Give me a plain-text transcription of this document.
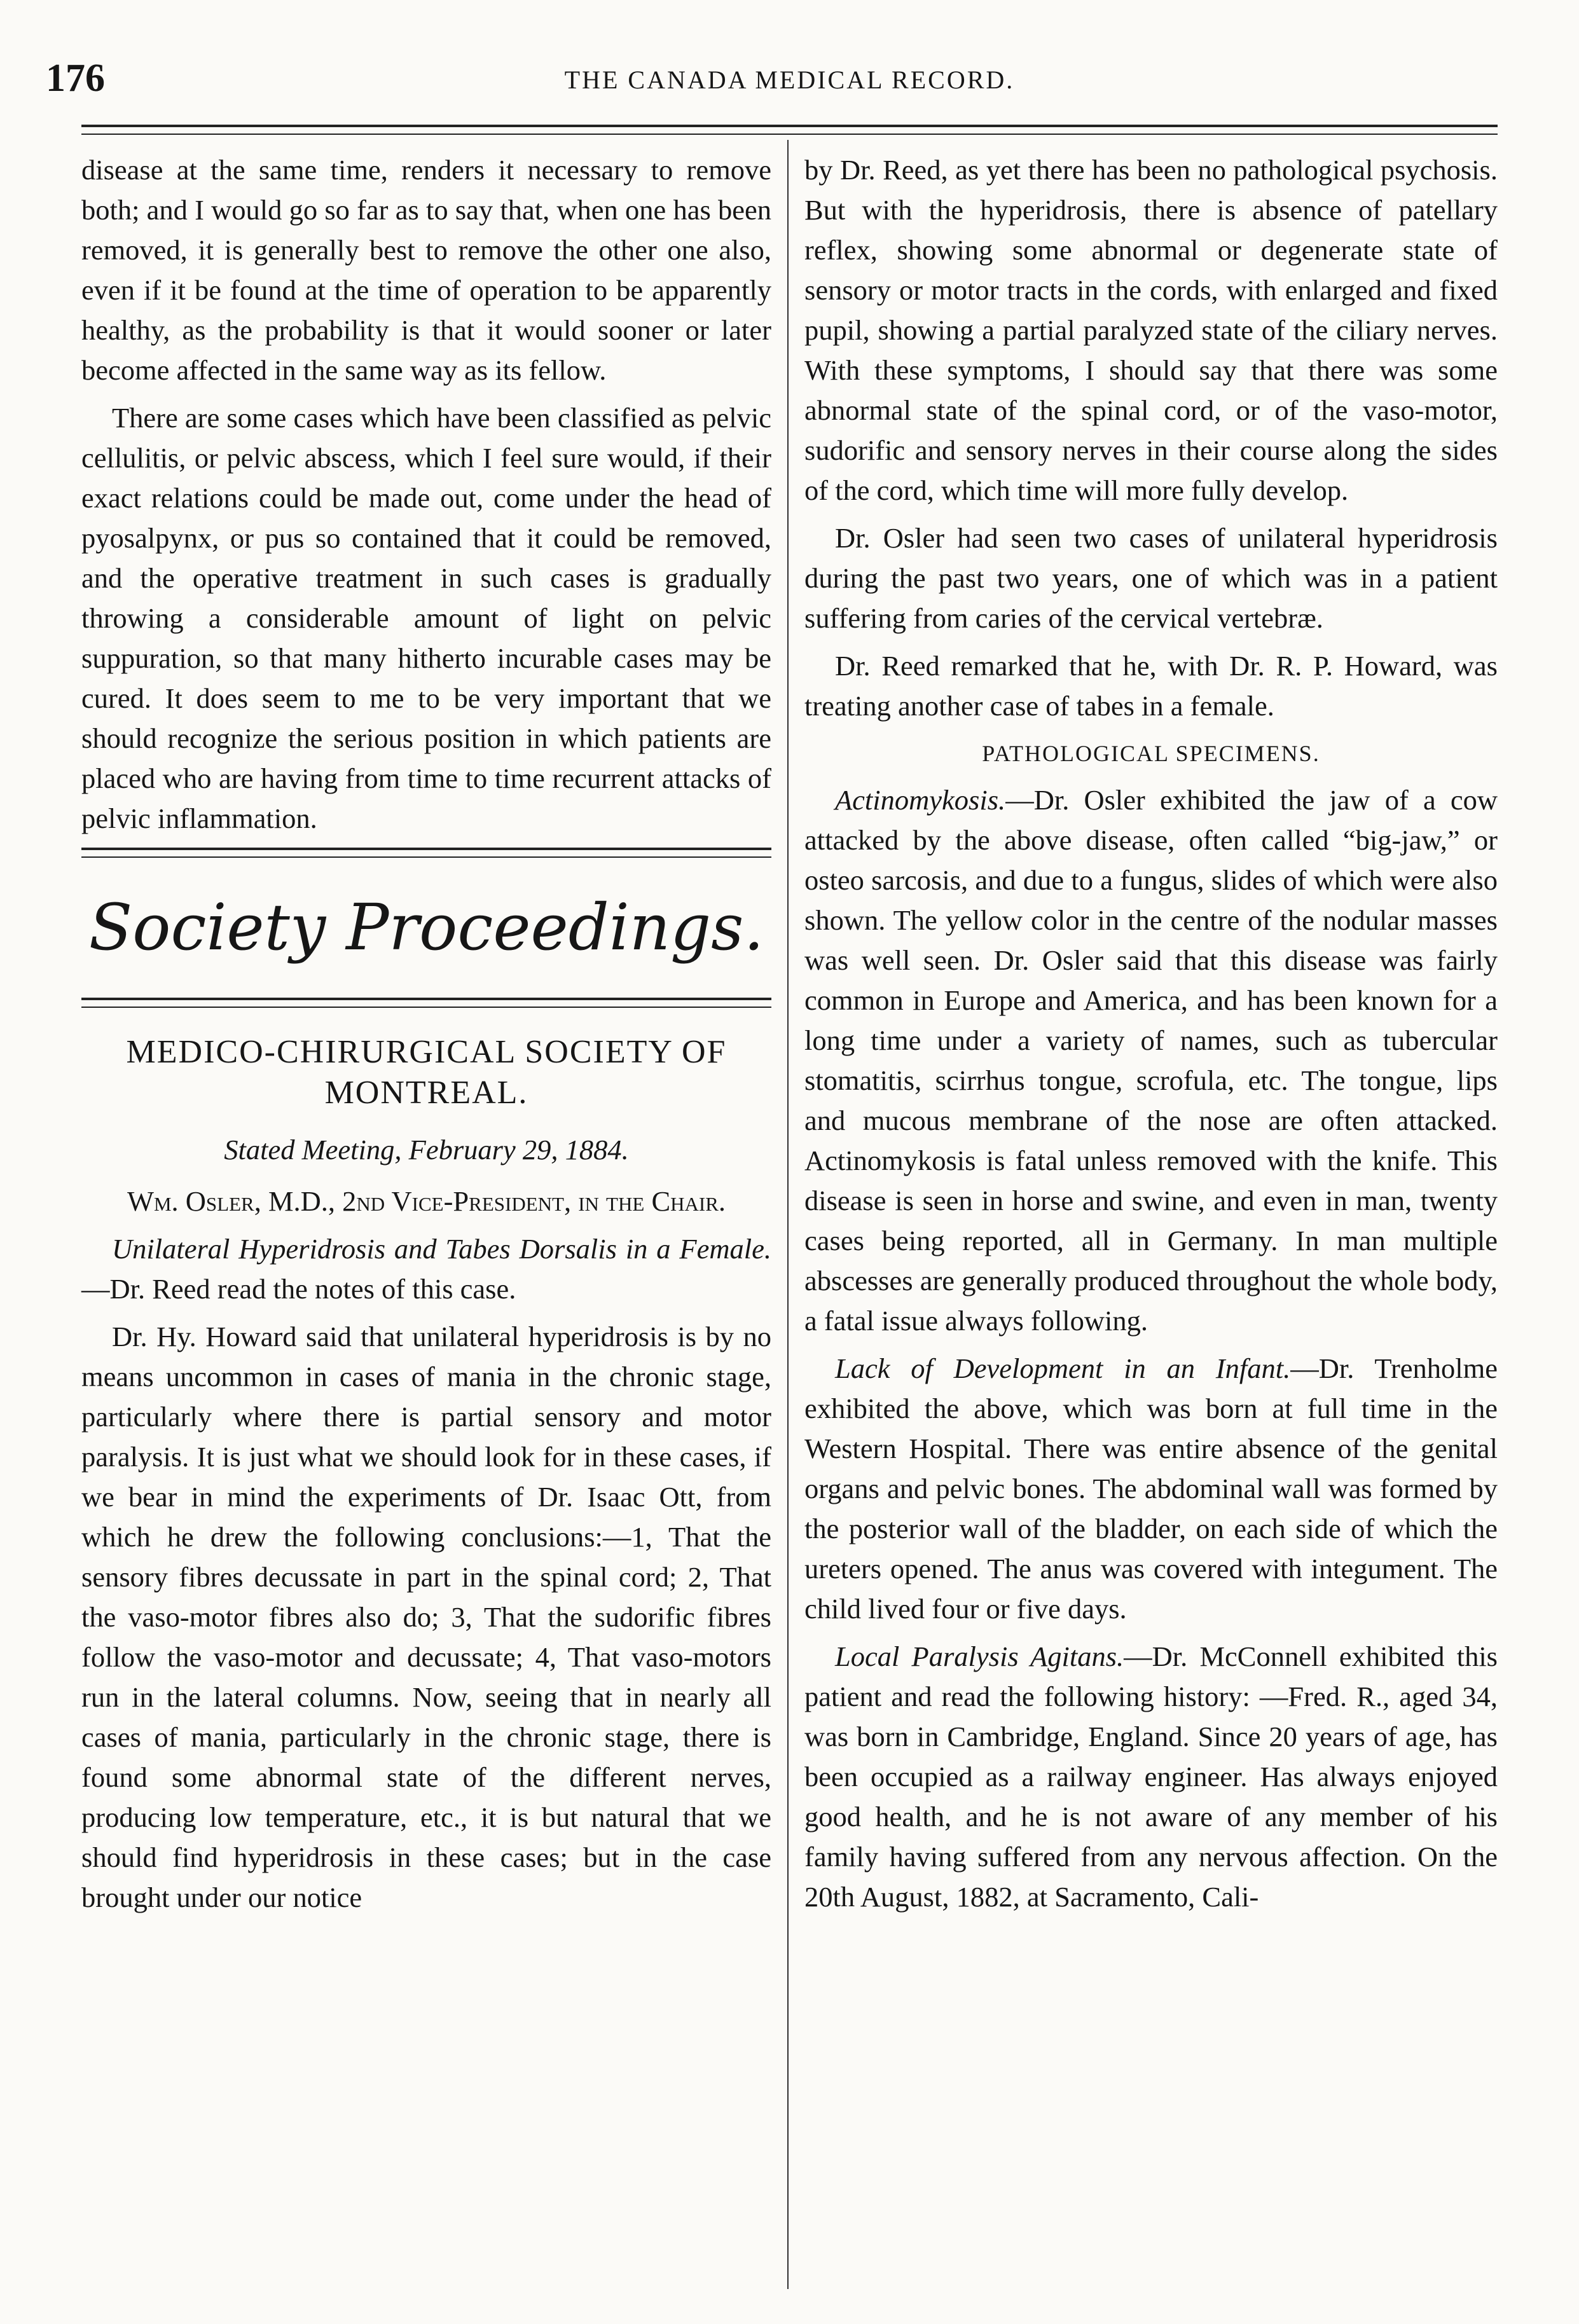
176	THE CANADA MEDICAL RECORD.

disease at the same time, renders it necessary to remove both; and I would go so far as to say that, when one has been removed, it is generally best to remove the other one also, even if it be found at the time of operation to be apparently healthy, as the probability is that it would sooner or later become affected in the same way as its fellow.

There are some cases which have been classified as pelvic cellulitis, or pelvic abscess, which I feel sure would, if their exact relations could be made out, come under the head of pyosalpynx, or pus so contained that it could be removed, and the operative treatment in such cases is gradually throwing a considerable amount of light on pelvic suppuration, so that many hitherto incurable cases may be cured. It does seem to me to be very important that we should recognize the serious position in which patients are placed who are having from time to time recurrent attacks of pelvic inflammation.

Society Proceedings.
MEDICO-CHIRURGICAL SOCIETY OF MONTREAL.

Stated Meeting, February 29, 1884.

Wm. Osler, M.D., 2nd Vice-President, in the Chair.

Unilateral Hyperidrosis and Tabes Dorsalis in a Female.—Dr. Reed read the notes of this case.

Dr. Hy. Howard said that unilateral hyperidrosis is by no means uncommon in cases of mania in the chronic stage, particularly where there is partial sensory and motor paralysis. It is just what we should look for in these cases, if we bear in mind the experiments of Dr. Isaac Ott, from which he drew the following conclusions:—1, That the sensory fibres decussate in part in the spinal cord; 2, That the vaso-motor fibres also do; 3, That the sudorific fibres follow the vaso-motor and decussate; 4, That vaso-motors run in the lateral columns. Now, seeing that in nearly all cases of mania, particularly in the chronic stage, there is found some abnormal state of the different nerves, producing low temperature, etc., it is but natural that we should find hyperidrosis in these cases; but in the case brought under our notice

by Dr. Reed, as yet there has been no pathological psychosis. But with the hyperidrosis, there is absence of patellary reflex, showing some abnormal or degenerate state of sensory or motor tracts in the cords, with enlarged and fixed pupil, showing a partial paralyzed state of the ciliary nerves. With these symptoms, I should say that there was some abnormal state of the spinal cord, or of the vaso-motor, sudorific and sensory nerves in their course along the sides of the cord, which time will more fully develop.

Dr. Osler had seen two cases of unilateral hyperidrosis during the past two years, one of which was in a patient suffering from caries of the cervical vertebræ.

Dr. Reed remarked that he, with Dr. R. P. Howard, was treating another case of tabes in a female.

PATHOLOGICAL SPECIMENS.

Actinomykosis.—Dr. Osler exhibited the jaw of a cow attacked by the above disease, often called “big-jaw,” or osteo sarcosis, and due to a fungus, slides of which were also shown. The yellow color in the centre of the nodular masses was well seen. Dr. Osler said that this disease was fairly common in Europe and America, and has been known for a long time under a variety of names, such as tubercular stomatitis, scirrhus tongue, scrofula, etc. The tongue, lips and mucous membrane of the nose are often attacked. Actinomykosis is fatal unless removed with the knife. This disease is seen in horse and swine, and even in man, twenty cases being reported, all in Germany. In man multiple abscesses are generally produced throughout the whole body, a fatal issue always following.

Lack of Development in an Infant.—Dr. Trenholme exhibited the above, which was born at full time in the Western Hospital. There was entire absence of the genital organs and pelvic bones. The abdominal wall was formed by the posterior wall of the bladder, on each side of which the ureters opened. The anus was covered with integument. The child lived four or five days.

Local Paralysis Agitans.—Dr. McConnell exhibited this patient and read the following history: —Fred. R., aged 34, was born in Cambridge, England. Since 20 years of age, has been occupied as a railway engineer. Has always enjoyed good health, and he is not aware of any member of his family having suffered from any nervous affection. On the 20th August, 1882, at Sacramento, Cali-
